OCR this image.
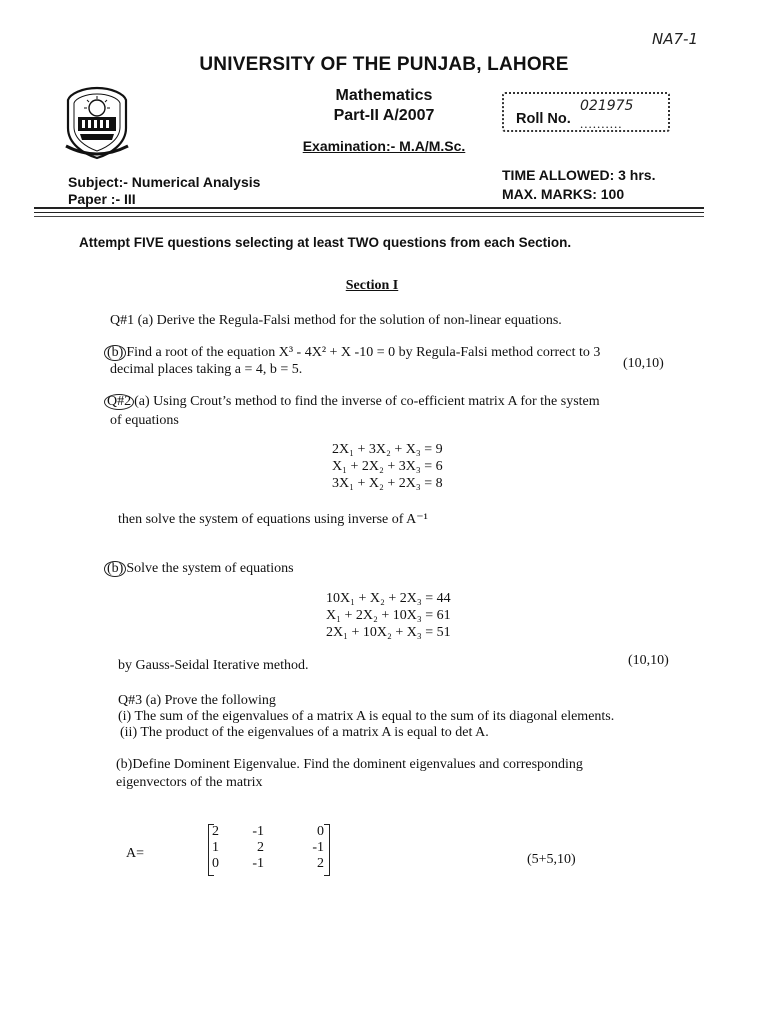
NA7-1
UNIVERSITY OF THE PUNJAB, LAHORE
Mathematics
Part-II A/2007
Examination:- M.A/M.Sc.
Roll No.
021975
..........
Subject:- Numerical Analysis
Paper :- III
TIME ALLOWED: 3 hrs.
MAX. MARKS: 100
Attempt FIVE questions selecting at least TWO questions from each Section.
Section I
Q#1 (a) Derive the Regula-Falsi method for the solution of non-linear equations.
(b) Find a root of the equation X³ - 4X² + X -10 = 0 by Regula-Falsi method correct to 3
decimal places taking a = 4, b = 5.	(10,10)
Q#2 (a) Using Crout’s method to find the inverse of co-efficient matrix A for the system
of equations
2X₁ + 3X₂ + X₃ = 9
X₁ + 2X₂ + 3X₃ = 6
3X₁ + X₂ + 2X₃ = 8
then solve the system of equations using inverse of A⁻¹
(b) Solve the system of equations
10X₁ + X₂ + 2X₃ = 44
X₁ + 2X₂ + 10X₃ = 61
2X₁ + 10X₂ + X₃ = 51
by Gauss-Seidal Iterative method.	(10,10)
Q#3 (a) Prove the following
(i) The sum of the eigenvalues of a matrix A is equal to the sum of its diagonal elements.
(ii) The product of the eigenvalues of a matrix A is equal to det A.
(b)Define Dominent Eigenvalue. Find the dominent eigenvalues and corresponding
eigenvectors of the matrix
A=
2	-1	0
1	2	-1
0	-1	2	(5+5,10)
